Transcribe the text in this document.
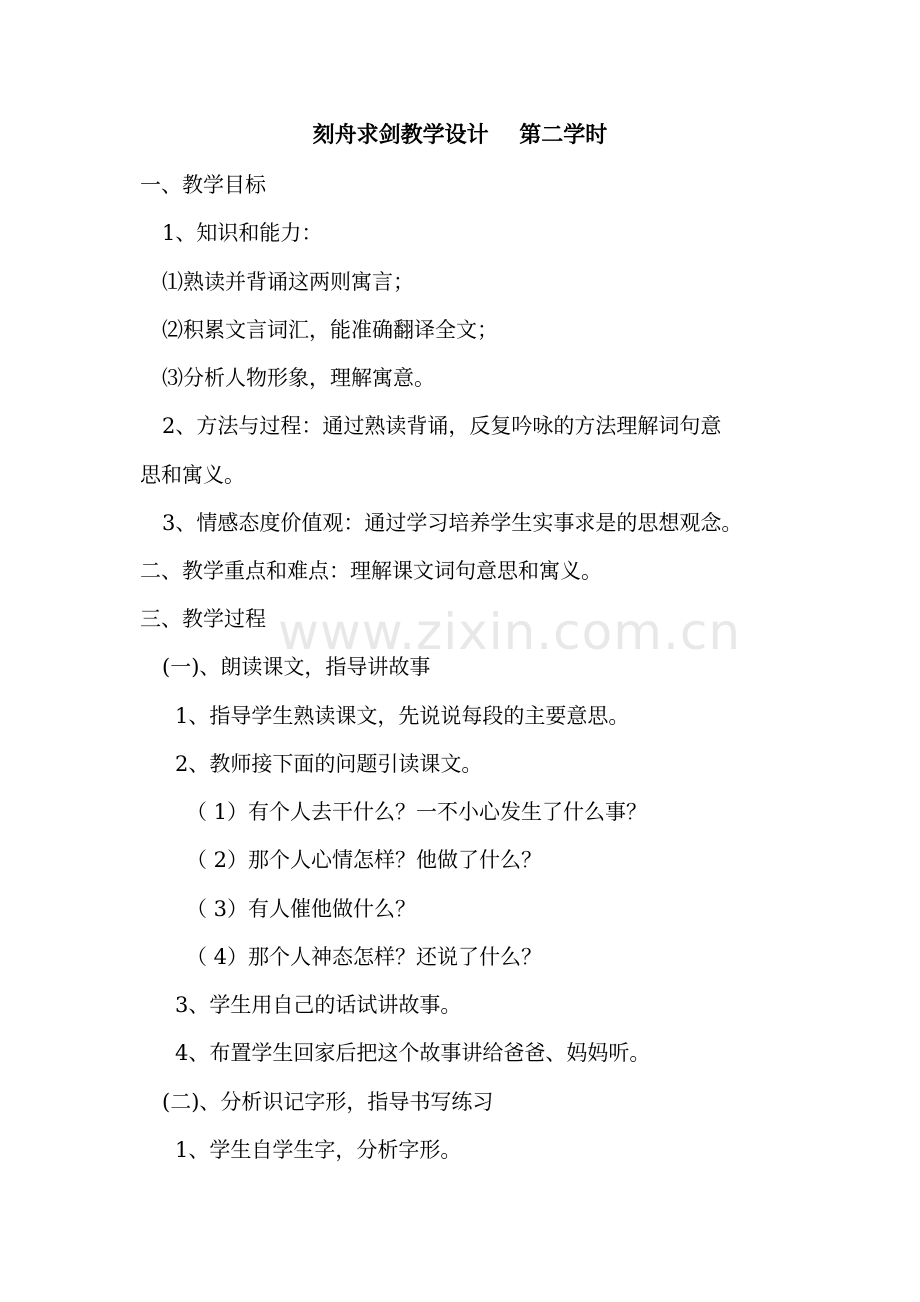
刻舟求剑教学设计    第二学时
一、教学目标
1、知识和能力：
⑴熟读并背诵这两则寓言；
⑵积累文言词汇，能准确翻译全文；
⑶分析人物形象，理解寓意。
2、方法与过程：通过熟读背诵，反复吟咏的方法理解词句意
思和寓义。
3、情感态度价值观：通过学习培养学生实事求是的思想观念。
二、教学重点和难点：理解课文词句意思和寓义。
三、教学过程
(一)、朗读课文，指导讲故事
1、指导学生熟读课文，先说说每段的主要意思。
2、教师接下面的问题引读课文。
（ 1）有个人去干什么？一不小心发生了什么事？
（ 2）那个人心情怎样？他做了什么？
（ 3）有人催他做什么？
（ 4）那个人神态怎样？还说了什么？
3、学生用自己的话试讲故事。
4、布置学生回家后把这个故事讲给爸爸、妈妈听。
(二)、分析识记字形，指导书写练习
1、学生自学生字，分析字形。
www.zixin.com.cn
